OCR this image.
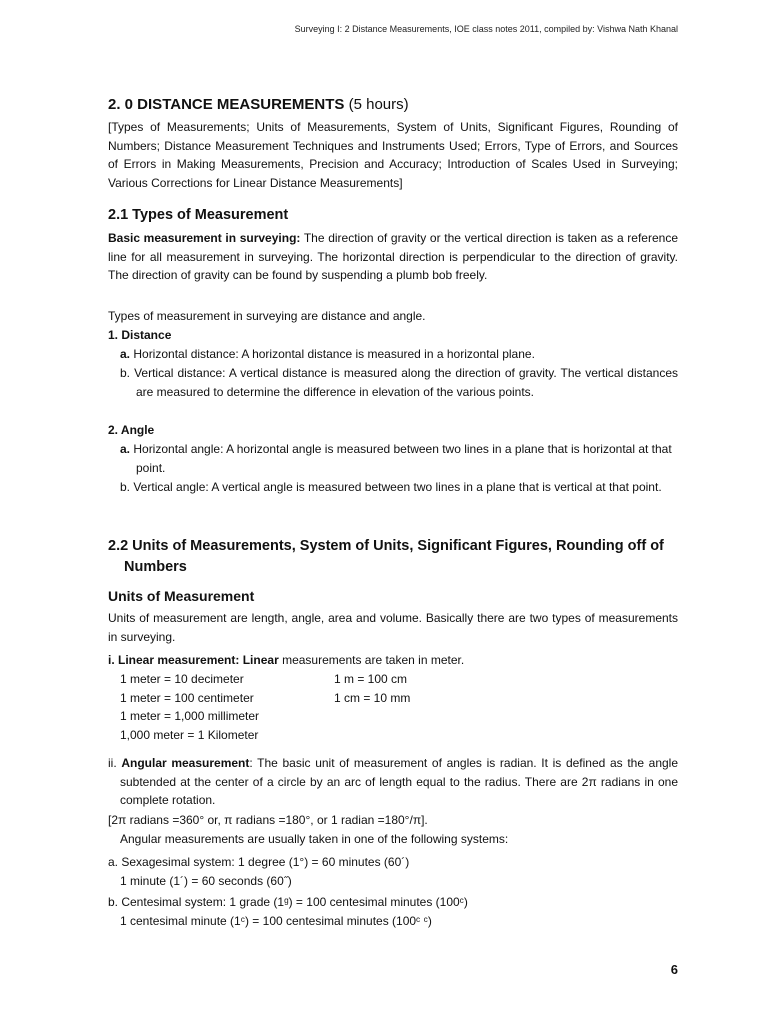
Surveying I: 2 Distance Measurements, IOE class notes 2011, compiled by: Vishwa Nath Khanal
2. 0 DISTANCE MEASUREMENTS (5 hours)

[Types of Measurements; Units of Measurements, System of Units, Significant Figures, Rounding of Numbers; Distance Measurement Techniques and Instruments Used; Errors, Type of Errors, and Sources of Errors in Making Measurements, Precision and Accuracy; Introduction of Scales Used in Surveying; Various Corrections for Linear Distance Measurements]

2.1 Types of Measurement

Basic measurement in surveying: The direction of gravity or the vertical direction is taken as a reference line for all measurement in surveying. The horizontal direction is perpendicular to the direction of gravity. The direction of gravity can be found by suspending a plumb bob freely.

Types of measurement in surveying are distance and angle.

1. Distance

a. Horizontal distance: A horizontal distance is measured in a horizontal plane.

b. Vertical distance: A vertical distance is measured along the direction of gravity. The vertical distances are measured to determine the difference in elevation of the various points.

2. Angle

a. Horizontal angle: A horizontal angle is measured between two lines in a plane that is horizontal at that point.

b. Vertical angle: A vertical angle is measured between two lines in a plane that is vertical at that point.

2.2 Units of Measurements, System of Units, Significant Figures, Rounding off of Numbers
Units of Measurement

Units of measurement are length, angle, area and volume. Basically there are two types of measurements in surveying.

i. Linear measurement: Linear measurements are taken in meter.

1 meter = 10 decimeter	1 m = 100 cm
1 meter = 100 centimeter	1 cm = 10 mm
1 meter = 1,000 millimeter
1,000 meter = 1 Kilometer

ii. Angular measurement: The basic unit of measurement of angles is radian. It is defined as the angle subtended at the center of a circle by an arc of length equal to the radius. There are 2π radians in one complete rotation.

[2π radians =360° or, π radians =180°, or 1 radian =180°/π].

Angular measurements are usually taken in one of the following systems:

a. Sexagesimal system: 1 degree (1°) = 60 minutes (60´)

1 minute (1´) = 60 seconds (60˝)

b. Centesimal system: 1 grade (1ᵍ) = 100 centesimal minutes (100ᶜ)

1 centesimal minute (1ᶜ) = 100 centesimal minutes (100ᶜ ᶜ)

6
